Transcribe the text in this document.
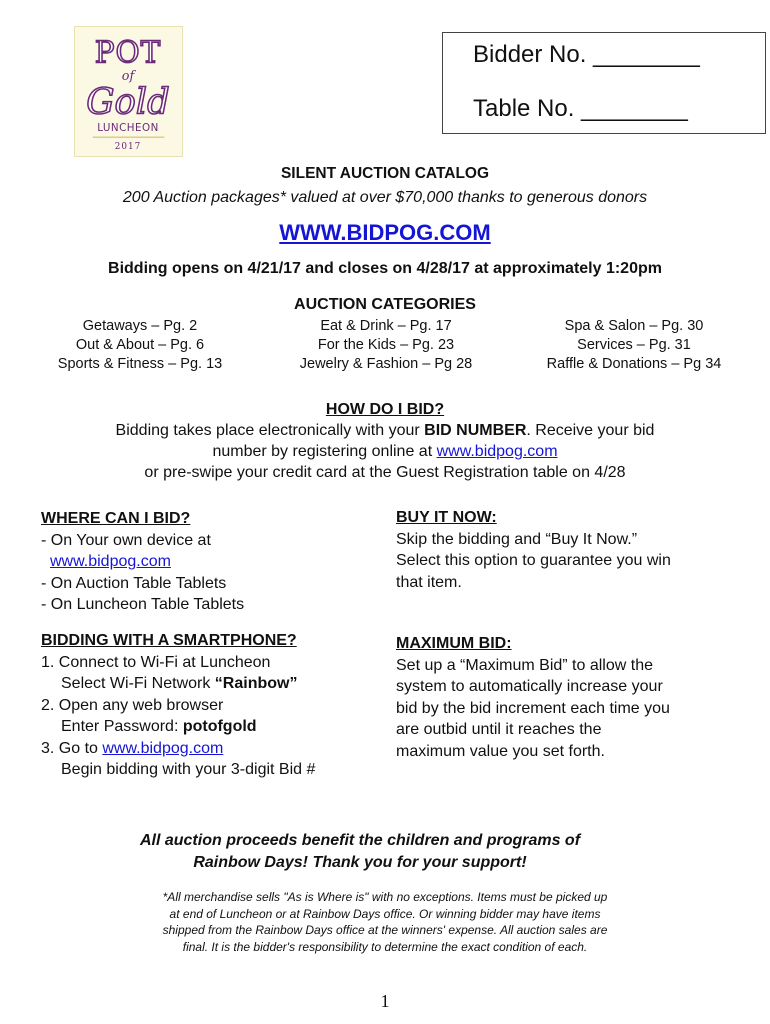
POT
of
Gold
LUNCHEON
2017
Bidder No. ________
Table No. ________
SILENT AUCTION CATALOG
200 Auction packages* valued at over $70,000 thanks to generous donors
WWW.BIDPOG.COM
Bidding opens on 4/21/17 and closes on 4/28/17 at approximately 1:20pm
AUCTION CATEGORIES
Getaways – Pg. 2
Out & About – Pg. 6
Sports & Fitness – Pg. 13
Eat & Drink – Pg. 17
For the Kids – Pg. 23
Jewelry & Fashion – Pg 28
Spa & Salon – Pg. 30
Services – Pg. 31
Raffle & Donations – Pg 34
HOW DO I BID?
Bidding takes place electronically with your BID NUMBER. Receive your bid
number by registering online at www.bidpog.com
or pre-swipe your credit card at the Guest Registration table on 4/28
WHERE CAN I BID?
- On Your own device at
www.bidpog.com
- On Auction Table Tablets
- On Luncheon Table Tablets
BUY IT NOW:
Skip the bidding and “Buy It Now.”
Select this option to guarantee you win
that item.
BIDDING WITH A SMARTPHONE?
1. Connect to Wi-Fi at Luncheon
Select Wi-Fi Network “Rainbow”
2. Open any web browser
Enter Password: potofgold
3. Go to www.bidpog.com
Begin bidding with your 3-digit Bid #
MAXIMUM BID:
Set up a “Maximum Bid” to allow the
system to automatically increase your
bid by the bid increment each time you
are outbid until it reaches the
maximum value you set forth.
All auction proceeds benefit the children and programs of
Rainbow Days! Thank you for your support!
*All merchandise sells "As is Where is" with no exceptions. Items must be picked up
at end of Luncheon or at Rainbow Days office. Or winning bidder may have items
shipped from the Rainbow Days office at the winners' expense. All auction sales are
final. It is the bidder's responsibility to determine the exact condition of each.
1
